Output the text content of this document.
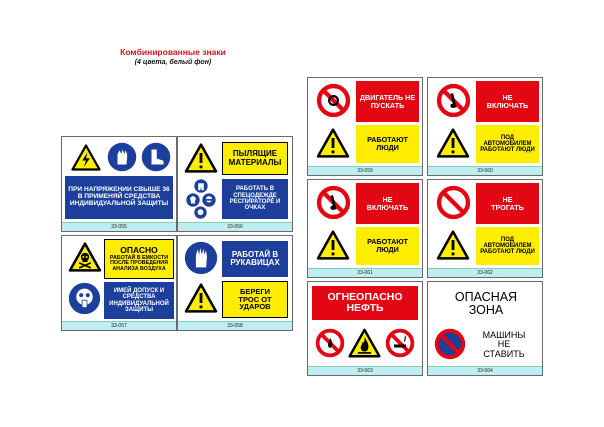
Комбинированные знаки
(4 цвета, белый фон)
ПРИ НАПРЯЖЕНИИ СВЫШЕ 36 В ПРИМЕНЯЙ СРЕДСТВА ИНДИВИДУАЛЬНОЙ ЗАЩИТЫ
33-055
ПЫЛЯЩИЕ МАТЕРИАЛЫ
РАБОТАТЬ В СПЕЦОДЕЖДЕ РЕСПИРАТОРЕ И ОЧКАХ
33-056
ОПАСНО
РАБОТАЙ В ЕМКОСТИ ПОСЛЕ ПРОВЕДЕНИЯ АНАЛИЗА ВОЗДУХА
ИМЕЙ ДОПУСК И СРЕДСТВА ИНДИВИДУАЛЬНОЙ ЗАЩИТЫ
33-057
РАБОТАЙ В РУКАВИЦАХ
БЕРЕГИ ТРОС ОТ УДАРОВ
33-058
ДВИГАТЕЛЬ НЕ ПУСКАТЬ
РАБОТАЮТ ЛЮДИ
33-059
НЕ ВКЛЮЧАТЬ
ПОД АВТОМОБИЛЕМ РАБОТАЮТ ЛЮДИ
33-060
НЕ ВКЛЮЧАТЬ
РАБОТАЮТ ЛЮДИ
33-061
НЕ ТРОГАТЬ
ПОД АВТОМОБИЛЕМ РАБОТАЮТ ЛЮДИ
33-062
ОГНЕОПАСНО НЕФТЬ
33-063
ОПАСНАЯ ЗОНА
МАШИНЫ НЕ СТАВИТЬ
33-064
